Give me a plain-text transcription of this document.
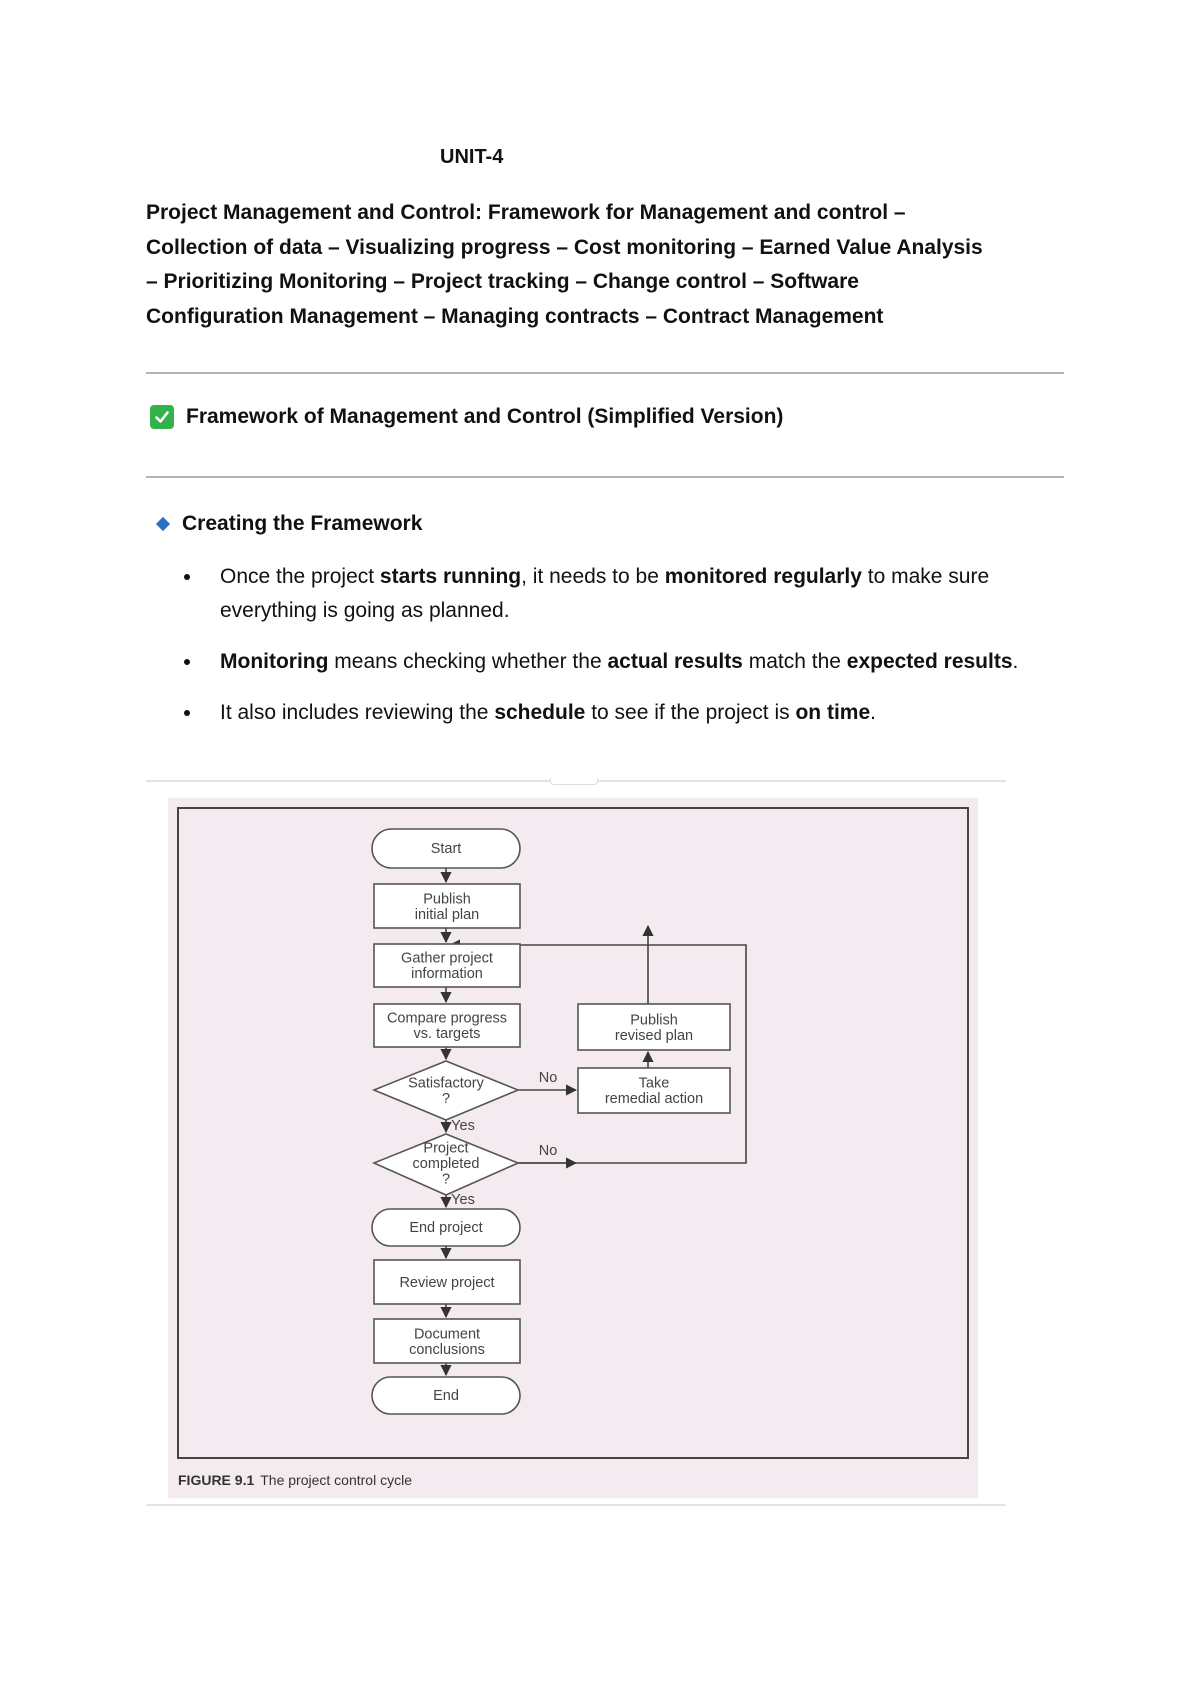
UNIT-4
Project Management and Control: Framework for Management and control –
Collection of data – Visualizing progress – Cost monitoring – Earned Value Analysis
– Prioritizing Monitoring – Project tracking – Change control – Software
Configuration Management – Managing contracts – Contract Management
Framework of Management and Control (Simplified Version)
Creating the Framework
Once the project starts running, it needs to be monitored regularly to make sure everything is going as planned.
Monitoring means checking whether the actual results match the expected results.
It also includes reviewing the schedule to see if the project is on time.
Start
Publish initial plan
Gather project information
Compare progress vs. targets
Satisfactory ?
Project completed ?
End project
Review project
Document conclusions
End
Take remedial action
Publish revised plan
Yes
Yes
No
No
FIGURE 9.1 The project control cycle
